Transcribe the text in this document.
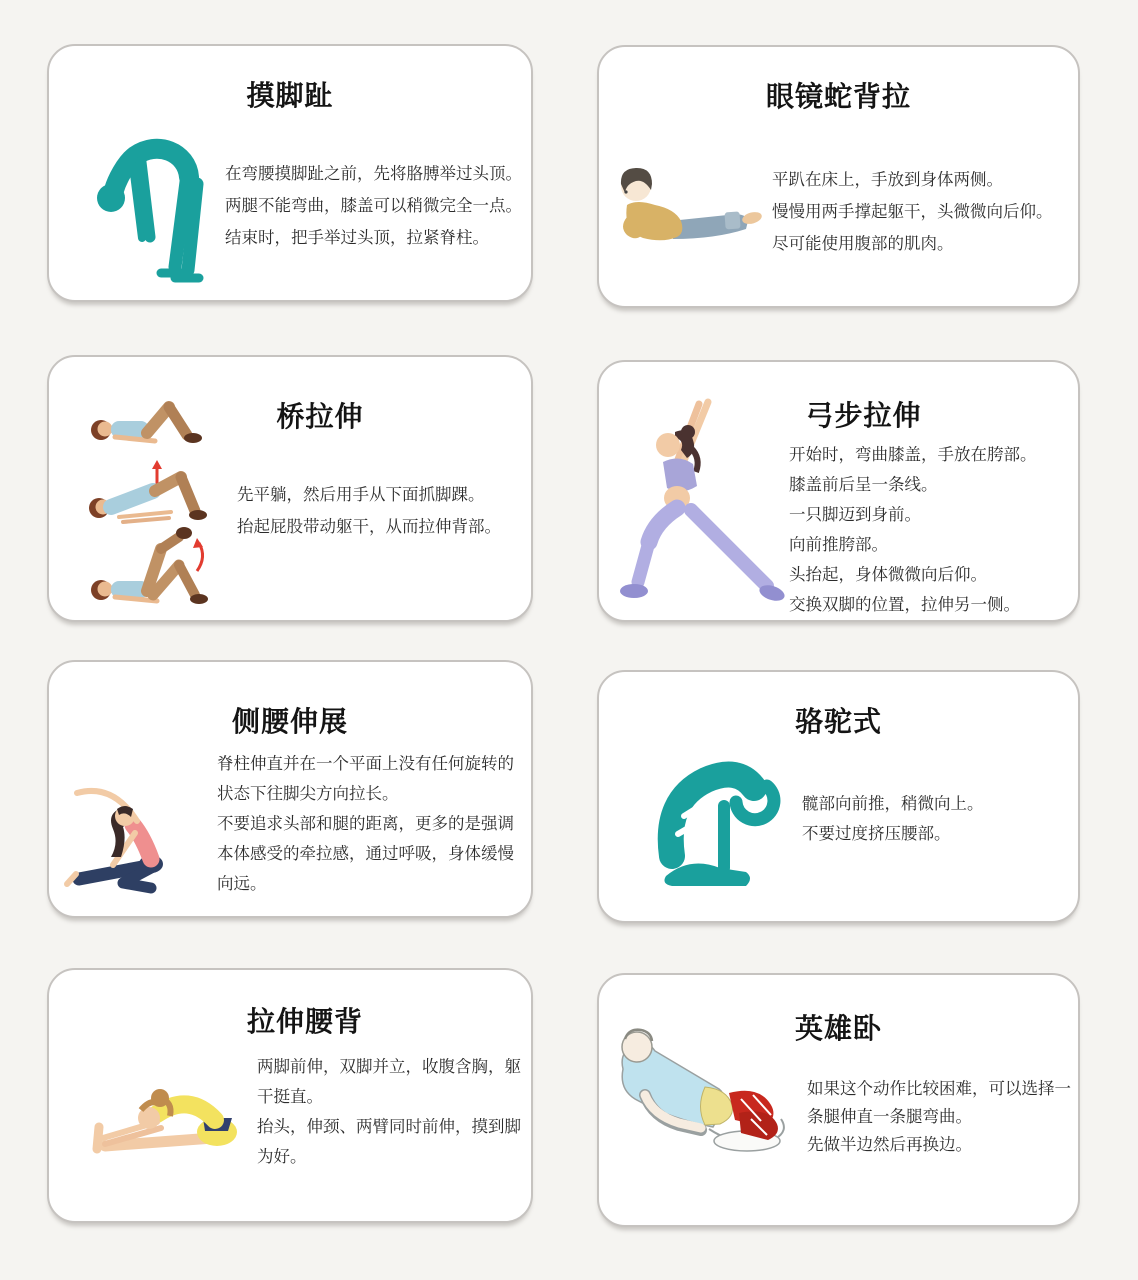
摸脚趾
在弯腰摸脚趾之前，先将胳膊举过头顶。
两腿不能弯曲，膝盖可以稍微完全一点。
结束时，把手举过头顶，拉紧脊柱。
眼镜蛇背拉
平趴在床上，手放到身体两侧。
慢慢用两手撑起躯干，头微微向后仰。
尽可能使用腹部的肌肉。
桥拉伸
先平躺，然后用手从下面抓脚踝。
抬起屁股带动躯干，从而拉伸背部。
弓步拉伸
开始时，弯曲膝盖，手放在胯部。
膝盖前后呈一条线。
一只脚迈到身前。
向前推胯部。
头抬起，身体微微向后仰。
交换双脚的位置，拉伸另一侧。
侧腰伸展
脊柱伸直并在一个平面上没有任何旋转的
状态下往脚尖方向拉长。
不要追求头部和腿的距离，更多的是强调
本体感受的牵拉感，通过呼吸，身体缓慢
向远。
骆驼式
髋部向前推，稍微向上。
不要过度挤压腰部。
拉伸腰背
两脚前伸，双脚并立，收腹含胸，躯
干挺直。
抬头，伸颈、两臂同时前伸，摸到脚
为好。
英雄卧
如果这个动作比较困难，可以选择一
条腿伸直一条腿弯曲。
先做半边然后再换边。
